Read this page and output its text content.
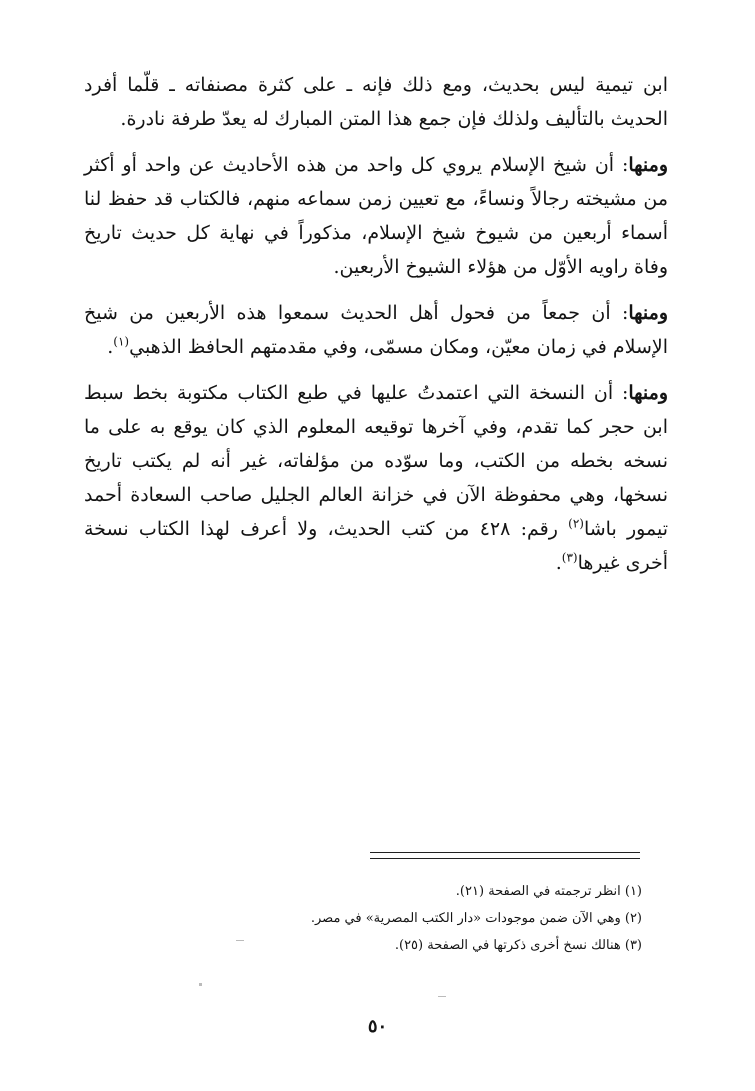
ابن تيمية ليس بحديث، ومع ذلك فإنه ـ على كثرة مصنفاته ـ قلّما أفرد الحديث بالتأليف ولذلك فإن جمع هذا المتن المبارك له يعدّ طرفة نادرة.

ومنها: أن شيخ الإسلام يروي كل واحد من هذه الأحاديث عن واحد أو أكثر من مشيخته رجالاً ونساءً، مع تعيين زمن سماعه منهم، فالكتاب قد حفظ لنا أسماء أربعين من شيوخ شيخ الإسلام، مذكوراً في نهاية كل حديث تاريخ وفاة راويه الأوّل من هؤلاء الشيوخ الأربعين.

ومنها: أن جمعاً من فحول أهل الحديث سمعوا هذه الأربعين من شيخ الإسلام في زمان معيّن، ومكان مسمّى، وفي مقدمتهم الحافظ الذهبي$^{(١)}$.

ومنها: أن النسخة التي اعتمدتُ عليها في طبع الكتاب مكتوبة بخط سبط ابن حجر كما تقدم، وفي آخرها توقيعه المعلوم الذي كان يوقع به على ما نسخه بخطه من الكتب، وما سوّده من مؤلفاته، غير أنه لم يكتب تاريخ نسخها، وهي محفوظة الآن في خزانة العالم الجليل صاحب السعادة أحمد تيمور باشا$^{(٢)}$ رقم: ٤٢٨ من كتب الحديث، ولا أعرف لهذا الكتاب نسخة أخرى غيرها$^{(٣)}$.

(١) انظر ترجمته في الصفحة (٢١).

(٢) وهي الآن ضمن موجودات «دار الكتب المصرية» في مصر.

(٣) هنالك نسخ أخرى ذكرتها في الصفحة (٢٥).

٥٠
